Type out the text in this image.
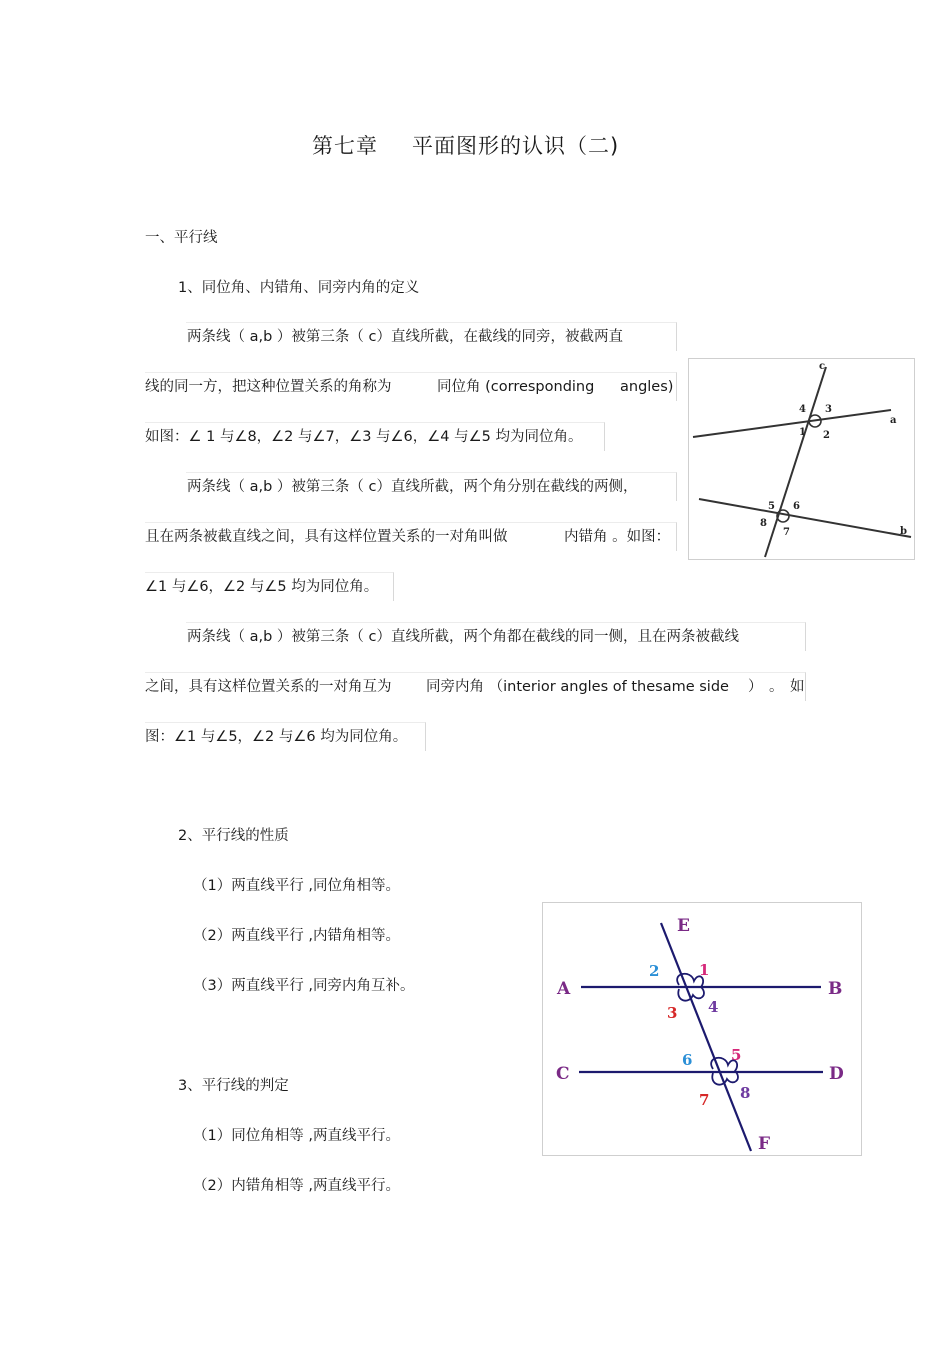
第七章 平面图形的认识（二)
一、平行线
1、同位角、内错角、同旁内角的定义
两条线（ a,b ）被第三条（ c）直线所截，在截线的同旁，被截两直
线的同一方，把这种位置关系的角称为	同位角 (corresponding angles)
如图：∠ 1 与∠8，∠2 与∠7，∠3 与∠6，∠4 与∠5 均为同位角。
两条线（ a,b ）被第三条（ c）直线所截，两个角分别在截线的两侧，
且在两条被截直线之间，具有这样位置关系的一对角叫做	内错角 。如图：
∠1 与∠6，∠2 与∠5 均为同位角。
两条线（ a,b ）被第三条（ c）直线所截，两个角都在截线的同一侧，且在两条被截线
之间，具有这样位置关系的一对角互为 同旁内角 （interior angles of thesame side ） 。 如
图：∠1 与∠5，∠2 与∠6 均为同位角。
c
a
b
4 3
1 2
5 6
8
7
2、平行线的性质
（1）两直线平行 ,同位角相等。
（2）两直线平行 ,内错角相等。
（3）两直线平行 ,同旁内角互补。
3、平行线的判定
（1）同位角相等 ,两直线平行。
（2）内错角相等 ,两直线平行。
A	B
C	D
E
F
2	1
3 4
6	5
7 8
